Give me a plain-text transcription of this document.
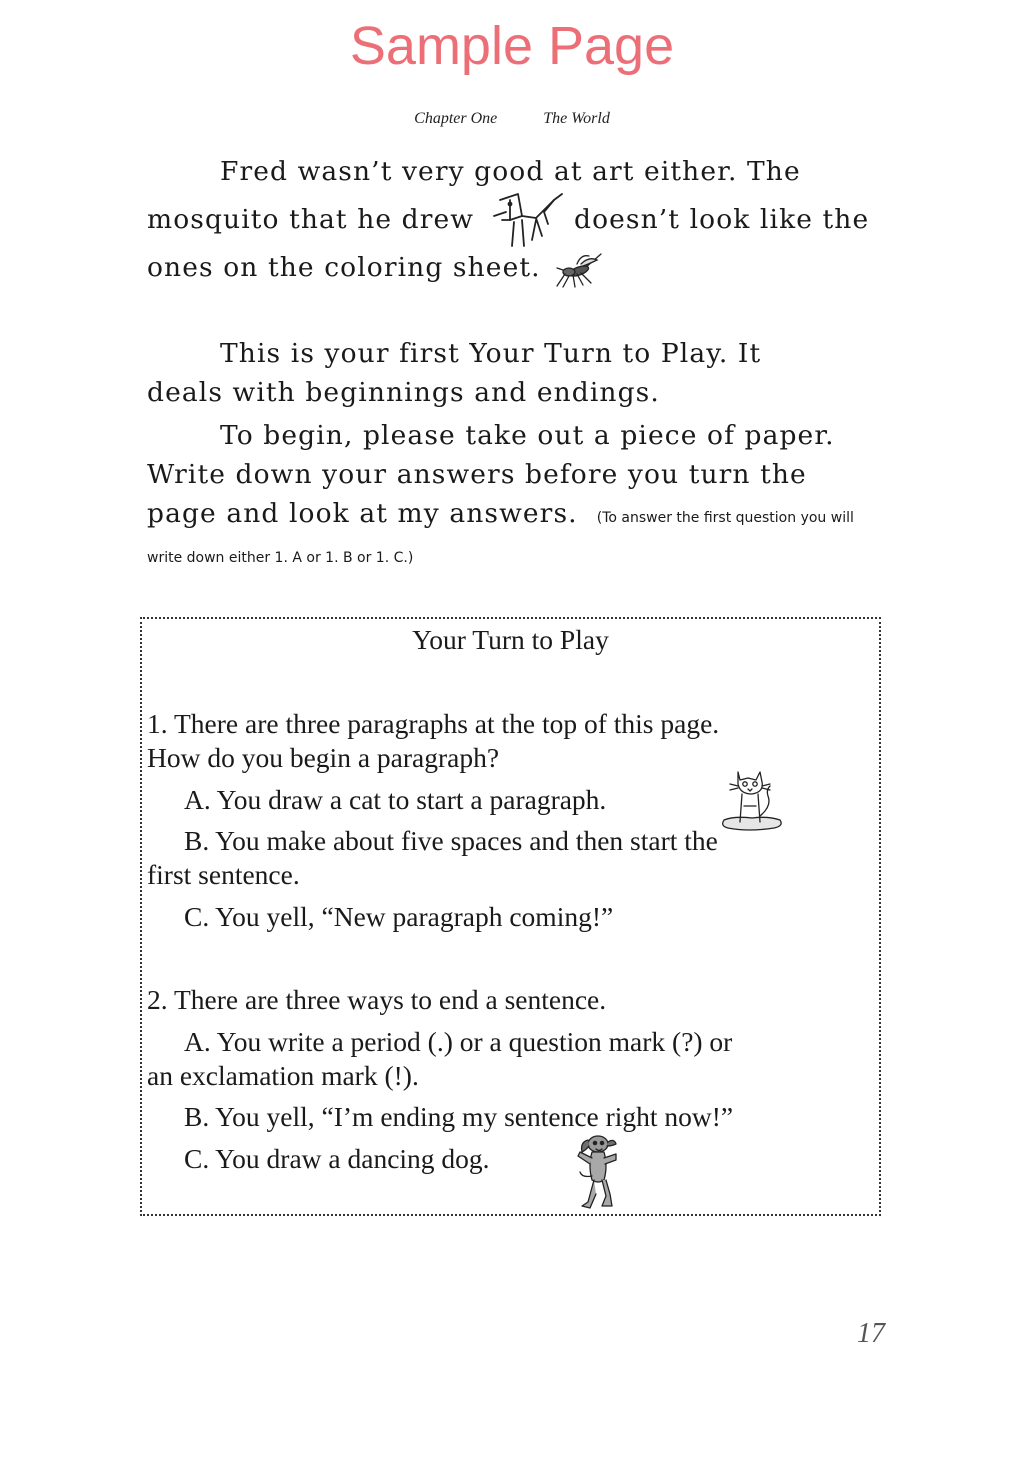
Sample Page
Chapter One	The World

Fred wasn’t very good at art either. The

mosquito that he drew	doesn’t look like the

ones on the coloring sheet.

This is your first Your Turn to Play. It

deals with beginnings and endings.

To begin, please take out a piece of paper.

Write down your answers before you turn the

page and look at my answers. (To answer the first question you will

write down either 1. A or 1. B or 1. C.)

Your Turn to Play

1. There are three paragraphs at the top of this page.

How do you begin a paragraph?

A. You draw a cat to start a paragraph.

B. You make about five spaces and then start the

first sentence.

C. You yell, “New paragraph coming!”

2. There are three ways to end a sentence.

A. You write a period (.) or a question mark (?) or

an exclamation mark (!).

B. You yell, “I’m ending my sentence right now!”

C. You draw a dancing dog.

17
